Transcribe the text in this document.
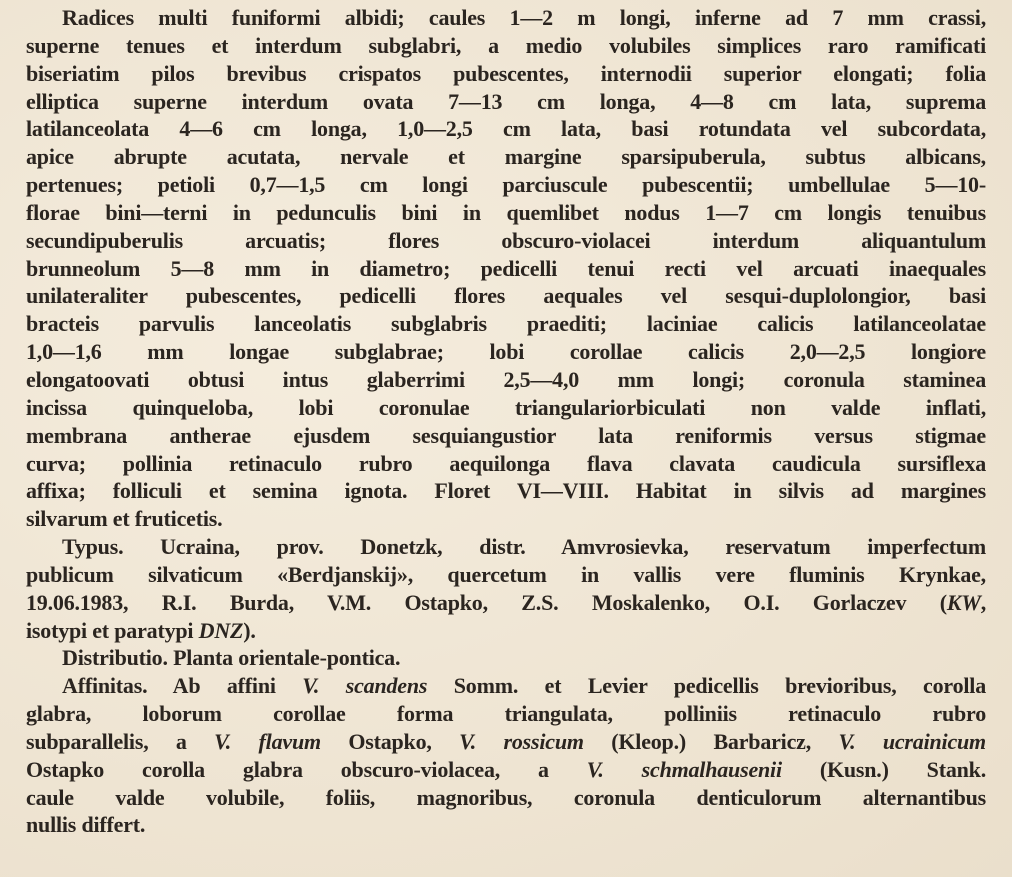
Radices multi funiformi albidi; caules 1—2 m longi, inferne ad 7 mm crassi,
superne tenues et interdum subglabri, a medio volubiles simplices raro ramificati
biseriatim pilos brevibus crispatos pubescentes, internodii superior elongati; folia
elliptica superne interdum ovata 7—13 cm longa, 4—8 cm lata, suprema
latilanceolata 4—6 cm longa, 1,0—2,5 cm lata, basi rotundata vel subcordata,
apice abrupte acutata, nervale et margine sparsipuberula, subtus albicans,
pertenues; petioli 0,7—1,5 cm longi parciuscule pubescentii; umbellulae 5—10-
florae bini—terni in pedunculis bini in quemlibet nodus 1—7 cm longis tenuibus
secundipuberulis arcuatis; flores obscuro-violacei interdum aliquantulum
brunneolum 5—8 mm in diametro; pedicelli tenui recti vel arcuati inaequales
unilateraliter pubescentes, pedicelli flores aequales vel sesqui-duplolongior, basi
bracteis parvulis lanceolatis subglabris praediti; laciniae calicis latilanceolatae
1,0—1,6 mm longae subglabrae; lobi corollae calicis 2,0—2,5 longiore
elongatoovati obtusi intus glaberrimi 2,5—4,0 mm longi; coronula staminea
incissa quinqueloba, lobi coronulae triangulariorbiculati non valde inflati,
membrana antherae ejusdem sesquiangustior lata reniformis versus stigmae
curva; pollinia retinaculo rubro aequilonga flava clavata caudicula sursiflexa
affixa; folliculi et semina ignota. Floret VI—VIII. Habitat in silvis ad margines
silvarum et fruticetis.
Typus. Ucraina, prov. Donetzk, distr. Amvrosievka, reservatum imperfectum
publicum silvaticum «Berdjanskij», quercetum in vallis vere fluminis Krynkae,
19.06.1983, R.I. Burda, V.M. Ostapko, Z.S. Moskalenko, O.I. Gorlaczev (KW,
isotypi et paratypi DNZ).
Distributio. Planta orientale-pontica.
Affinitas. Ab affini V. scandens Somm. et Levier pedicellis brevioribus, corolla
glabra, loborum corollae forma triangulata, polliniis retinaculo rubro
subparallelis, a V. flavum Ostapko, V. rossicum (Kleop.) Barbaricz, V. ucrainicum
Ostapko corolla glabra obscuro-violacea, a V. schmalhausenii (Kusn.) Stank.
caule valde volubile, foliis, magnoribus, coronula denticulorum alternantibus
nullis differt.
